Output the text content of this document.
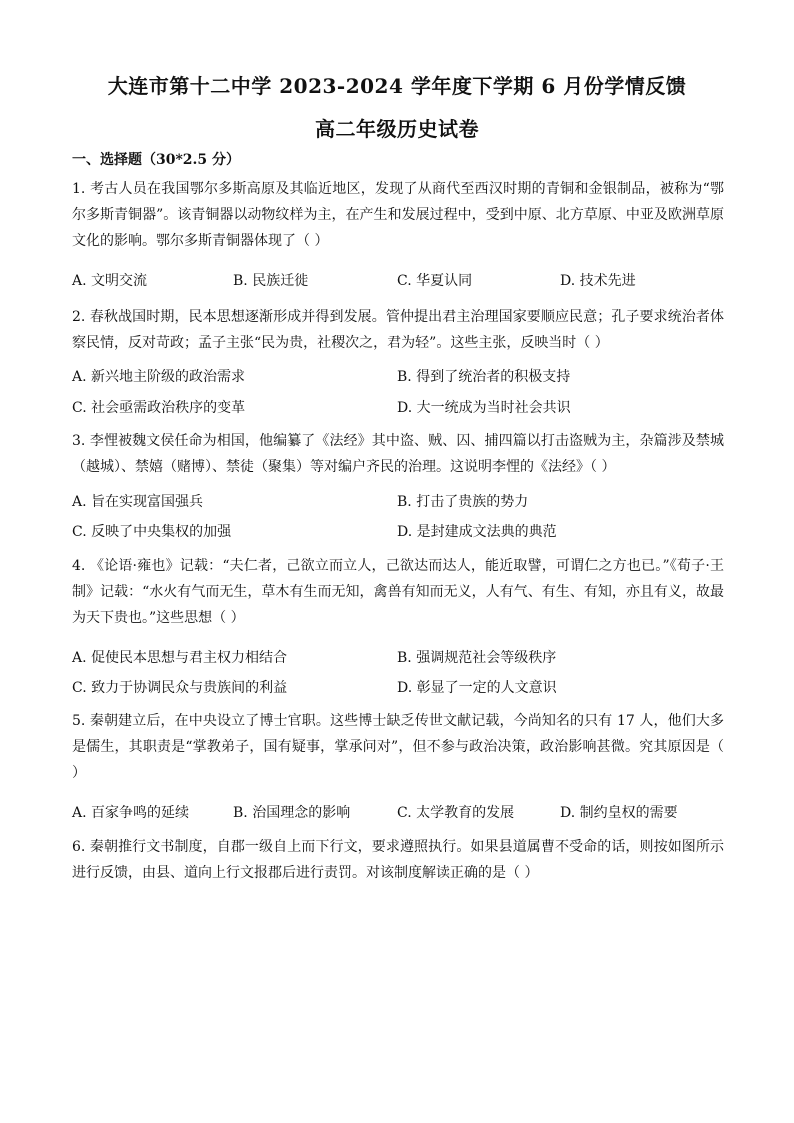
大连市第十二中学 2023-2024 学年度下学期 6 月份学情反馈
高二年级历史试卷
一、选择题（30*2.5 分）
1. 考古人员在我国鄂尔多斯高原及其临近地区，发现了从商代至西汉时期的青铜和金银制品，被称为“鄂尔多斯青铜器”。该青铜器以动物纹样为主，在产生和发展过程中，受到中原、北方草原、中亚及欧洲草原文化的影响。鄂尔多斯青铜器体现了（ ）
A. 文明交流	B. 民族迁徙	C. 华夏认同	D. 技术先进
2. 春秋战国时期，民本思想逐渐形成并得到发展。管仲提出君主治理国家要顺应民意；孔子要求统治者体察民情，反对苛政；孟子主张“民为贵，社稷次之，君为轻”。这些主张，反映当时（ ）
A. 新兴地主阶级的政治需求	B. 得到了统治者的积极支持
C. 社会亟需政治秩序的变革	D. 大一统成为当时社会共识
3. 李悝被魏文侯任命为相国，他编纂了《法经》其中盗、贼、囚、捕四篇以打击盗贼为主，杂篇涉及禁城（越城）、禁嬉（赌博）、禁徒（聚集）等对编户齐民的治理。这说明李悝的《法经》（ ）
A. 旨在实现富国强兵	B. 打击了贵族的势力
C. 反映了中央集权的加强	D. 是封建成文法典的典范
4. 《论语·雍也》记载：“夫仁者，己欲立而立人，己欲达而达人，能近取譬，可谓仁之方也已。”《荀子·王制》记载：“水火有气而无生，草木有生而无知，禽兽有知而无义，人有气、有生、有知，亦且有义，故最为天下贵也。”这些思想（ ）
A. 促使民本思想与君主权力相结合	B. 强调规范社会等级秩序
C. 致力于协调民众与贵族间的利益	D. 彰显了一定的人文意识
5. 秦朝建立后，在中央设立了博士官职。这些博士缺乏传世文献记载，今尚知名的只有 17 人，他们大多是儒生，其职责是“掌教弟子，国有疑事，掌承问对”，但不参与政治决策，政治影响甚微。究其原因是（ ）
A. 百家争鸣的延续	B. 治国理念的影响	C. 太学教育的发展	D. 制约皇权的需要
6. 秦朝推行文书制度，自郡一级自上而下行文，要求遵照执行。如果县道属曹不受命的话，则按如图所示进行反馈，由县、道向上行文报郡后进行责罚。对该制度解读正确的是（ ）
